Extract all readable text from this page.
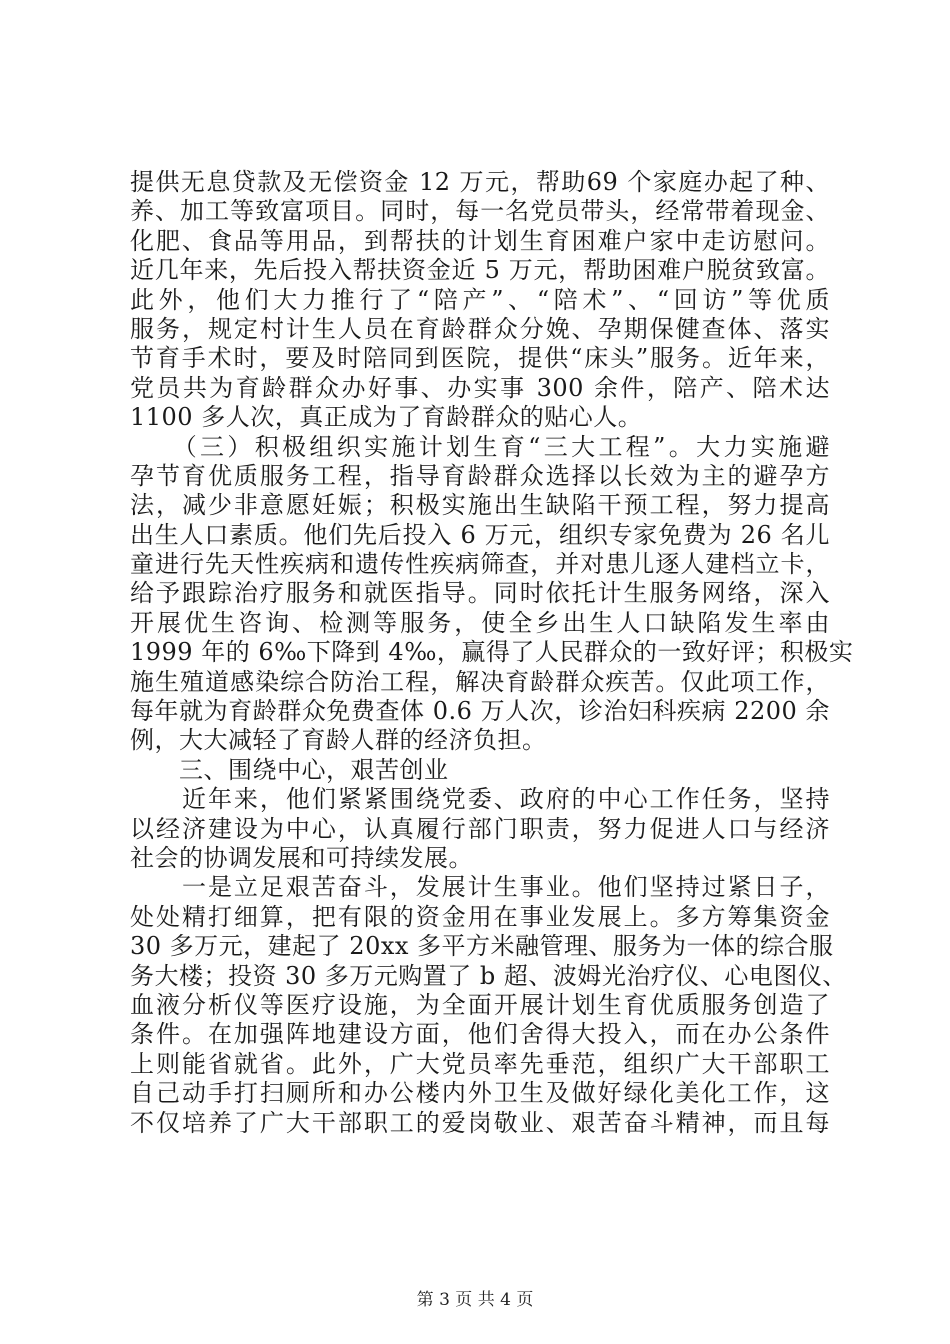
提供无息贷款及无偿资金 12 万元，帮助69 个家庭办起了种、
养、加工等致富项目。同时，每一名党员带头，经常带着现金、
化肥、食品等用品，到帮扶的计划生育困难户家中走访慰问。
近几年来，先后投入帮扶资金近 5 万元，帮助困难户脱贫致富。
此外，他们大力推行了“陪产”、“陪术”、“回访”等优质
服务，规定村计生人员在育龄群众分娩、孕期保健查体、落实
节育手术时，要及时陪同到医院，提供“床头”服务。近年来，
党员共为育龄群众办好事、办实事 300 余件，陪产、陪术达
1100 多人次，真正成为了育龄群众的贴心人。
　　（三）积极组织实施计划生育“三大工程”。大力实施避
孕节育优质服务工程，指导育龄群众选择以长效为主的避孕方
法，减少非意愿妊娠；积极实施出生缺陷干预工程，努力提高
出生人口素质。他们先后投入 6 万元，组织专家免费为 26 名儿
童进行先天性疾病和遗传性疾病筛查，并对患儿逐人建档立卡，
给予跟踪治疗服务和就医指导。同时依托计生服务网络，深入
开展优生咨询、检测等服务，使全乡出生人口缺陷发生率由
1999 年的 6‰下降到 4‰，赢得了人民群众的一致好评；积极实
施生殖道感染综合防治工程，解决育龄群众疾苦。仅此项工作，
每年就为育龄群众免费查体 0.6 万人次，诊治妇科疾病 2200 余
例，大大减轻了育龄人群的经济负担。
　　三、围绕中心，艰苦创业
　　近年来，他们紧紧围绕党委、政府的中心工作任务，坚持
以经济建设为中心，认真履行部门职责，努力促进人口与经济
社会的协调发展和可持续发展。
　　一是立足艰苦奋斗，发展计生事业。他们坚持过紧日子，
处处精打细算，把有限的资金用在事业发展上。多方筹集资金
30 多万元，建起了 20xx 多平方米融管理、服务为一体的综合服
务大楼；投资 30 多万元购置了 b 超、波姆光治疗仪、心电图仪、
血液分析仪等医疗设施，为全面开展计划生育优质服务创造了
条件。在加强阵地建设方面，他们舍得大投入，而在办公条件
上则能省就省。此外，广大党员率先垂范，组织广大干部职工
自己动手打扫厕所和办公楼内外卫生及做好绿化美化工作，这
不仅培养了广大干部职工的爱岗敬业、艰苦奋斗精神，而且每
第 3 页 共 4 页
